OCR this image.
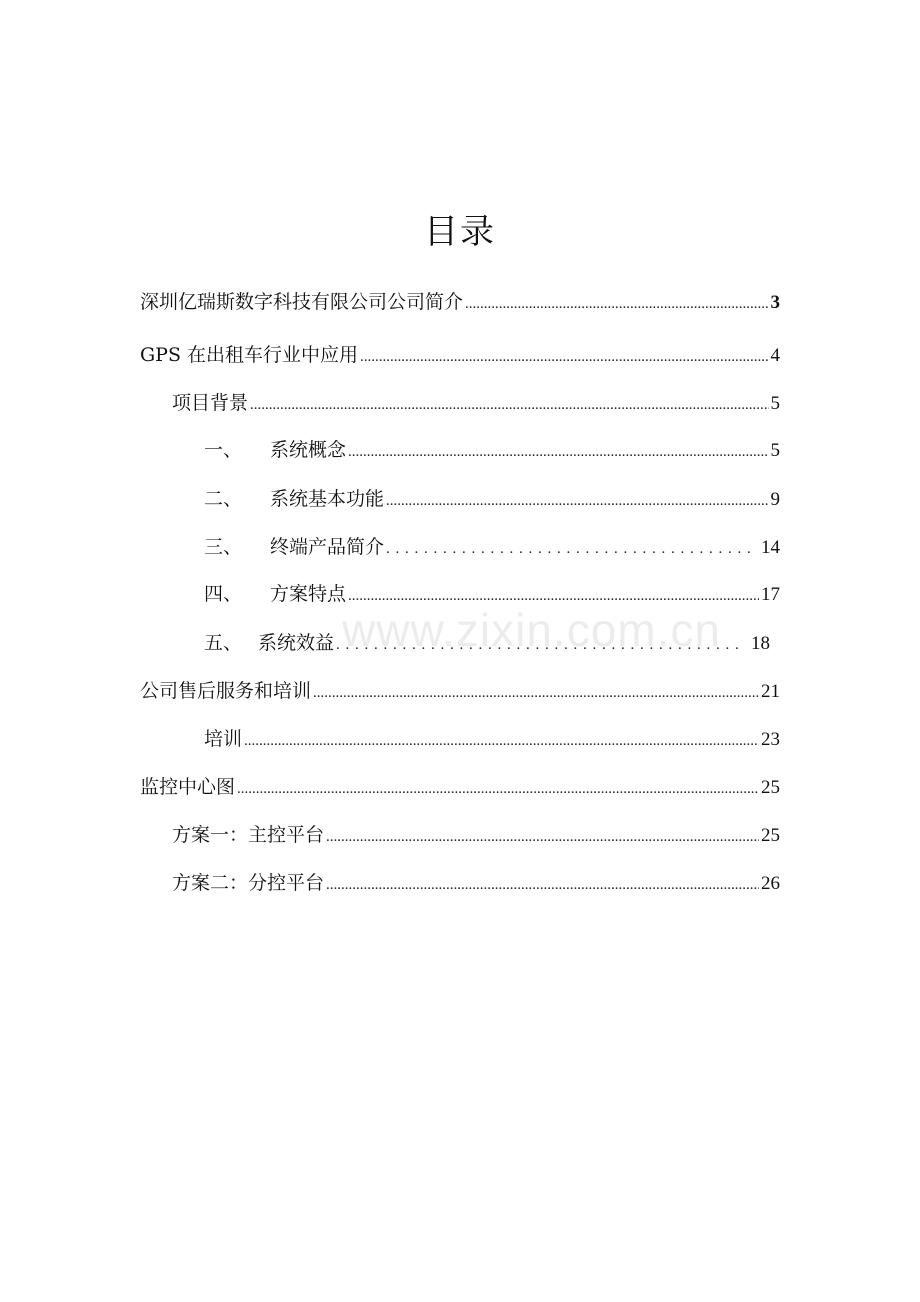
目录
www.zixin.com.cn
深圳亿瑞斯数字科技有限公司公司简介 .....	3
GPS 在出租车行业中应用 .....	4
项目背景 .....	5
一、	系统概念 .....	5
二、	系统基本功能 .....	9
三、	终端产品简介 . . .	14
四、	方案特点 .....	17
五、 系统效益 . . .	18
公司售后服务和培训 .....	21
培训 .....	23
监控中心图 .....	25
方案一：主控平台 .....	25
方案二：分控平台 .....	26
